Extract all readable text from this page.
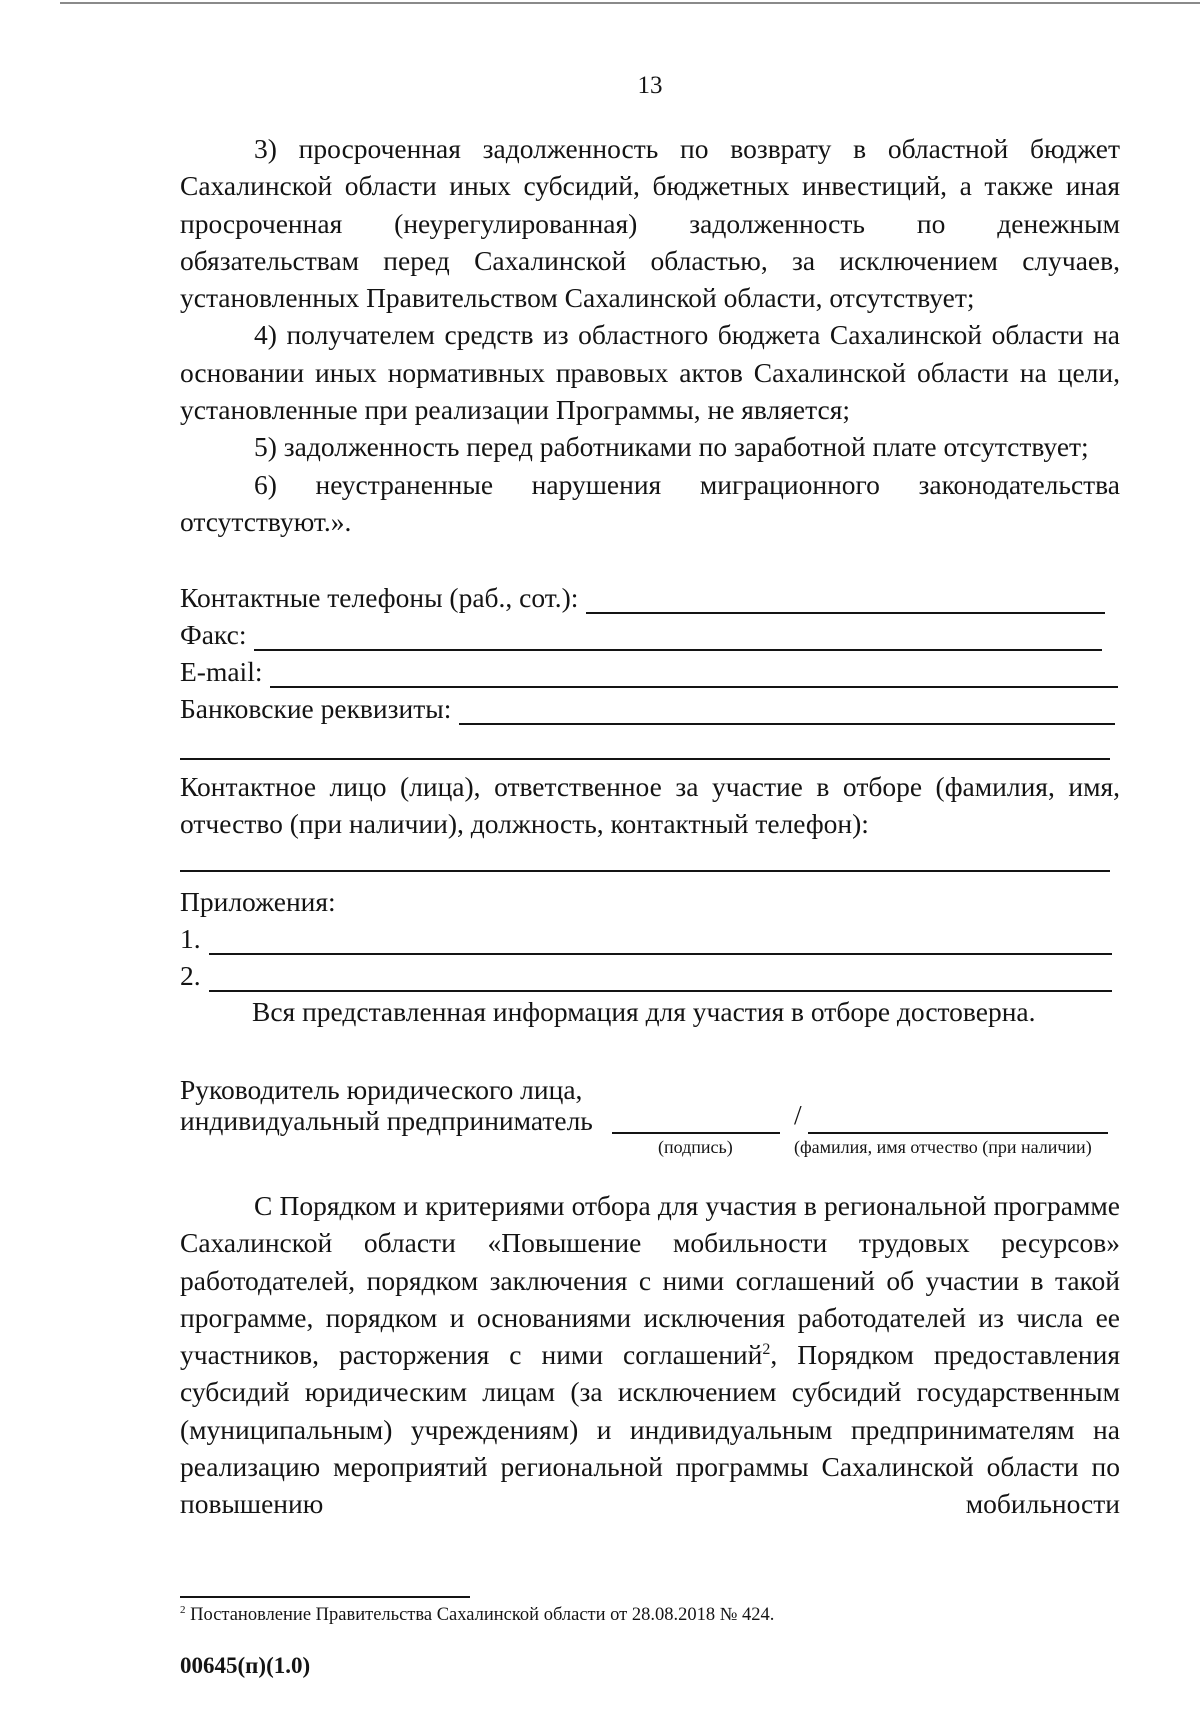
13

3) просроченная задолженность по возврату в областной бюджет Сахалинской области иных субсидий, бюджетных инвестиций, а также иная просроченная (неурегулированная) задолженность по денежным обязательствам перед Сахалинской областью, за исключением случаев, установленных Правительством Сахалинской области, отсутствует;

4) получателем средств из областного бюджета Сахалинской области на основании иных нормативных правовых актов Сахалинской области на цели, установленные при реализации Программы, не является;

5) задолженность перед работниками по заработной плате отсутствует;

6) неустраненные нарушения миграционного законодательства

отсутствуют.».

Контактные телефоны (раб., сот.):
Факс:
E-mail:
Банковские реквизиты:

Контактное лицо (лица), ответственное за участие в отборе (фамилия, имя, отчество (при наличии), должность, контактный телефон):

Приложения:
1.
2.

Вся представленная информация для участия в отборе достоверна.

Руководитель юридического лица,
индивидуальный предприниматель	/
(подпись)	(фамилия, имя отчество (при наличии)

С Порядком и критериями отбора для участия в региональной программе Сахалинской области «Повышение мобильности трудовых ресурсов» работодателей, порядком заключения с ними соглашений об участии в такой программе, порядком и основаниями исключения работодателей из числа ее участников, расторжения с ними соглашений$^2$, Порядком предоставления субсидий юридическим лицам (за исключением субсидий государственным (муниципальным) учреждениям) и индивидуальным предпринимателям на реализацию мероприятий региональной программы Сахалинской области по повышению мобильности

$^2$ Постановление Правительства Сахалинской области от 28.08.2018 № 424.
00645(п)(1.0)
